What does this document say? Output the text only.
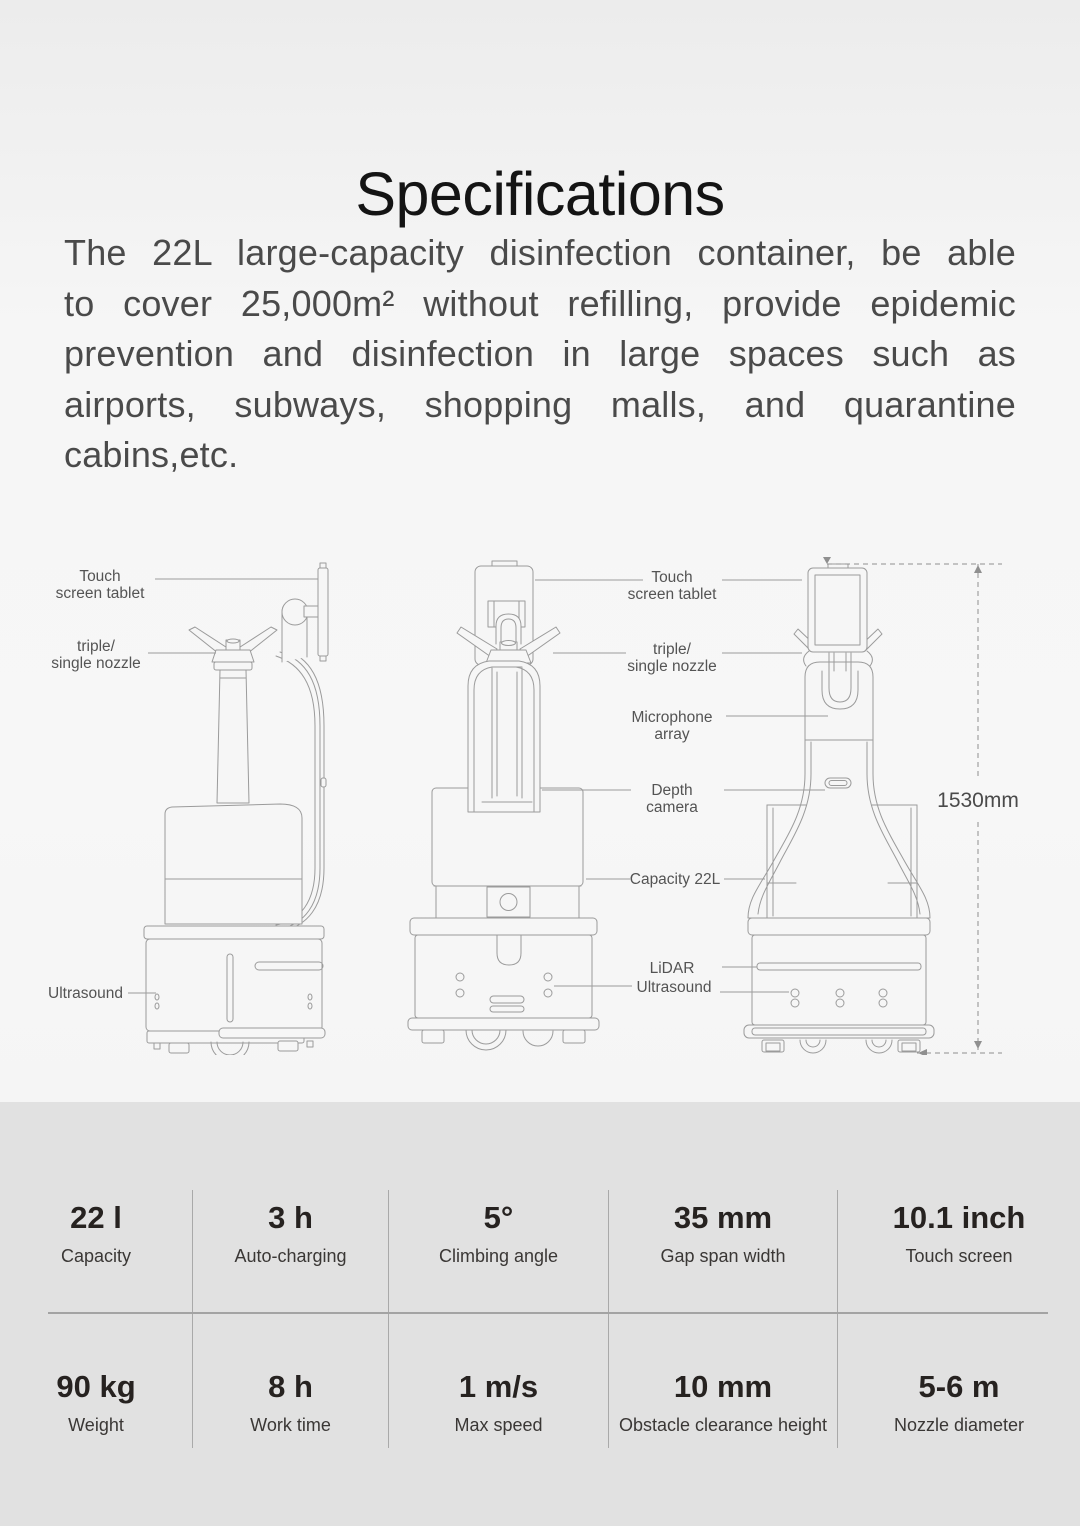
Specifications
The 22L large-capacity disinfection container, be able
to cover 25,000m² without refilling, provide epidemic
prevention and disinfection in large spaces such as
airports, subways, shopping malls, and quarantine
cabins,etc.
1530mm
Touch
screen tablet
triple/
single nozzle
Ultrasound
Touch
screen tablet
triple/
single nozzle
Microphone
array
Depth
camera
Capacity 22L
LiDAR
Ultrasound
22 l
Capacity
3 h
Auto-charging
5°
Climbing angle
35 mm
Gap span width
10.1 inch
Touch screen
90 kg
Weight
8 h
Work time
1 m/s
Max speed
10 mm
Obstacle clearance height
5-6 m
Nozzle diameter
